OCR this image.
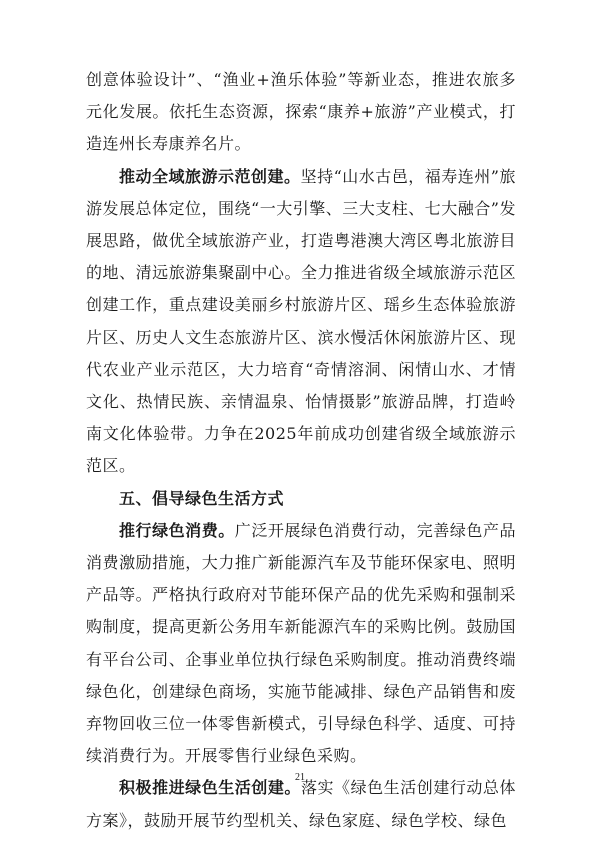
创意体验设计”、“渔业+渔乐体验”等新业态，推进农旅多元化发展。依托生态资源，探索“康养+旅游”产业模式，打造连州长寿康养名片。

推动全域旅游示范创建。坚持“山水古邑，福寿连州”旅游发展总体定位，围绕“一大引擎、三大支柱、七大融合”发展思路，做优全域旅游产业，打造粤港澳大湾区粤北旅游目的地、清远旅游集聚副中心。全力推进省级全域旅游示范区创建工作，重点建设美丽乡村旅游片区、瑶乡生态体验旅游片区、历史人文生态旅游片区、滨水慢活休闲旅游片区、现代农业产业示范区，大力培育“奇情溶洞、闲情山水、才情文化、热情民族、亲情温泉、怡情摄影”旅游品牌，打造岭南文化体验带。力争在2025年前成功创建省级全域旅游示范区。

五、倡导绿色生活方式

推行绿色消费。广泛开展绿色消费行动，完善绿色产品消费激励措施，大力推广新能源汽车及节能环保家电、照明产品等。严格执行政府对节能环保产品的优先采购和强制采购制度，提高更新公务用车新能源汽车的采购比例。鼓励国有平台公司、企事业单位执行绿色采购制度。推动消费终端绿色化，创建绿色商场，实施节能减排、绿色产品销售和废弃物回收三位一体零售新模式，引导绿色科学、适度、可持续消费行为。开展零售行业绿色采购。

积极推进绿色生活创建。落实《绿色生活创建行动总体方案》，鼓励开展节约型机关、绿色家庭、绿色学校、绿色

21
